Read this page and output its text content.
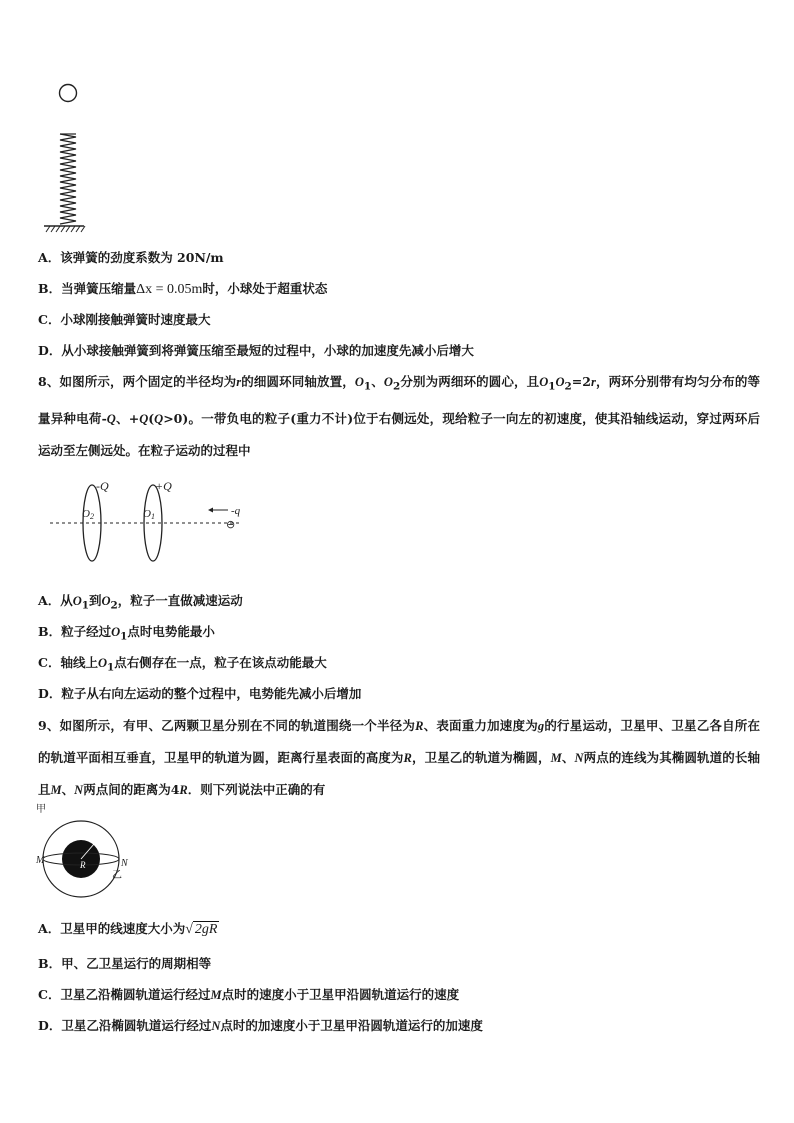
A．该弹簧的劲度系数为 20N/m
B．当弹簧压缩量Δx = 0.05m时，小球处于超重状态
C．小球刚接触弹簧时速度最大
D．从小球接触弹簧到将弹簧压缩至最短的过程中，小球的加速度先减小后增大
8、如图所示，两个固定的半径均为r的细圆环同轴放置，$O_1$、$O_2$分别为两细环的圆心，且$O_1O_2=2r$，两环分别带有均匀分布的等量异种电荷-Q、+Q(Q>0)。一带负电的粒子(重力不计)位于右侧远处，现给粒子一向左的初速度，使其沿轴线运动，穿过两环后运动至左侧远处。在粒子运动的过程中
-Q	+Q
O2	O1	-q
⊖
A．从$O_1$到$O_2$，粒子一直做减速运动
B．粒子经过$O_1$点时电势能最小
C．轴线上$O_1$点右侧存在一点，粒子在该点动能最大
D．粒子从右向左运动的整个过程中，电势能先减小后增加
9、如图所示，有甲、乙两颗卫星分别在不同的轨道围绕一个半径为R、表面重力加速度为g的行星运动，卫星甲、卫星乙各自所在的轨道平面相互垂直，卫星甲的轨道为圆，距离行星表面的高度为R，卫星乙的轨道为椭圆，M、N两点的连线为其椭圆轨道的长轴且M、N两点间的距离为4R．则下列说法中正确的有
R
甲
M	N
乙
A．卫星甲的线速度大小为√ 2gR
B．甲、乙卫星运行的周期相等
C．卫星乙沿椭圆轨道运行经过M点时的速度小于卫星甲沿圆轨道运行的速度
D．卫星乙沿椭圆轨道运行经过N点时的加速度小于卫星甲沿圆轨道运行的加速度
